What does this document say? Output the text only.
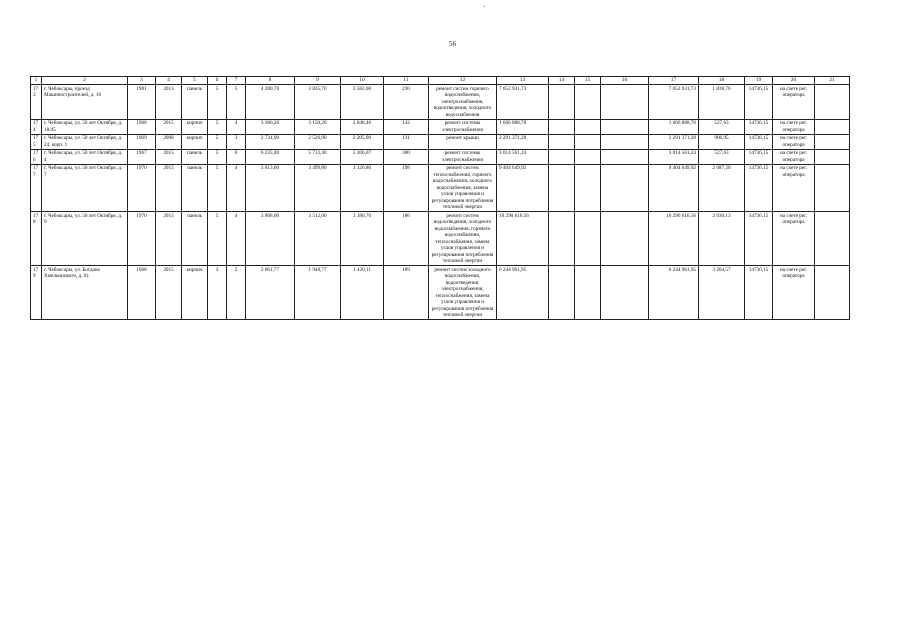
56
1	2	3	4	5	6	7	8	9	10	11	12	13	14	15	16	17	18	19	20	21
173	г. Чебоксары, проезд Машиностроителей, д. 16	1981	2013	панель	5	5	4 280,70	3 835,70	3 582,00	230	ремонт систем горячего водоснабжения, электроснабжения, водоотведения, холодного водоснабжения	7 052 931,73				7 052 931,73	1 838,76	14736,15	на счете рег. оператора	
174	г. Чебоксары, ул. 50 лет Октября, д. 18/45	1968	2015	кирпич	5	4	3 386,20	3 150,20	2 848,46	142	ремонт системы электроснабжения	1 666 888,70				1 666 888,70	527,63	14736,15	на счете рег. оператора	
175	г. Чебоксары, ул. 50 лет Октября, д. 24, корп. 1	1969	2008	кирпич	5	3	2 734,90	2 526,90	2 205,90	131	ремонт крыши	2 291 371,28				2 291 371,28	906,95	14736,15	на счете рег. оператора	
176	г. Чебоксары, ул. 50 лет Октября, д. 4	1967	2015	панель	5	6	6 235,40	5 713,40	5 206,07	300	ремонт системы электроснабжения	3 014 561,24				3 014 561,24	527,63	14736,15	на счете рег. оператора	
177	г. Чебоксары, ул. 50 лет Октября, д. 7	1970	2015	панель	5	4	3 813,00	3 499,80	3 126,80	198	ремонт систем теплоснабжения, горячего водоснабжения, холодного водоснабжения, замена узлов управления и регулирования потребления тепловой энергии	9 404 649,92				9 404 649,92	2 687,20	14736,15	на счете рег. оператора	
178	г. Чебоксары, ул. 50 лет Октября, д. 9	1970	2015	панель	5	4	3 868,00	3 512,00	3 180,70	186	ремонт систем водоотведения, холодного водоснабжения, горячего водоснабжения, теплоснабжения, замена узлов управления и регулирования потребления тепловой энергии	10 290 616,56				10 290 616,56	2 930,13	14736,15	на счете рег. оператора	
179	г. Чебоксары, ул. Богдана Хмельницкого, д. 81	1968	2015	кирпич	3	2	2 861,77	1 948,77	1 420,11	189	ремонт систем холодного водоснабжения, водоотведения, электроснабжения, теплоснабжения, замена узлов управления и регулирования потребления тепловой энергии	6 244 961,95				6 244 961,95	3 204,57	14736,15	на счете рег. оператора	
